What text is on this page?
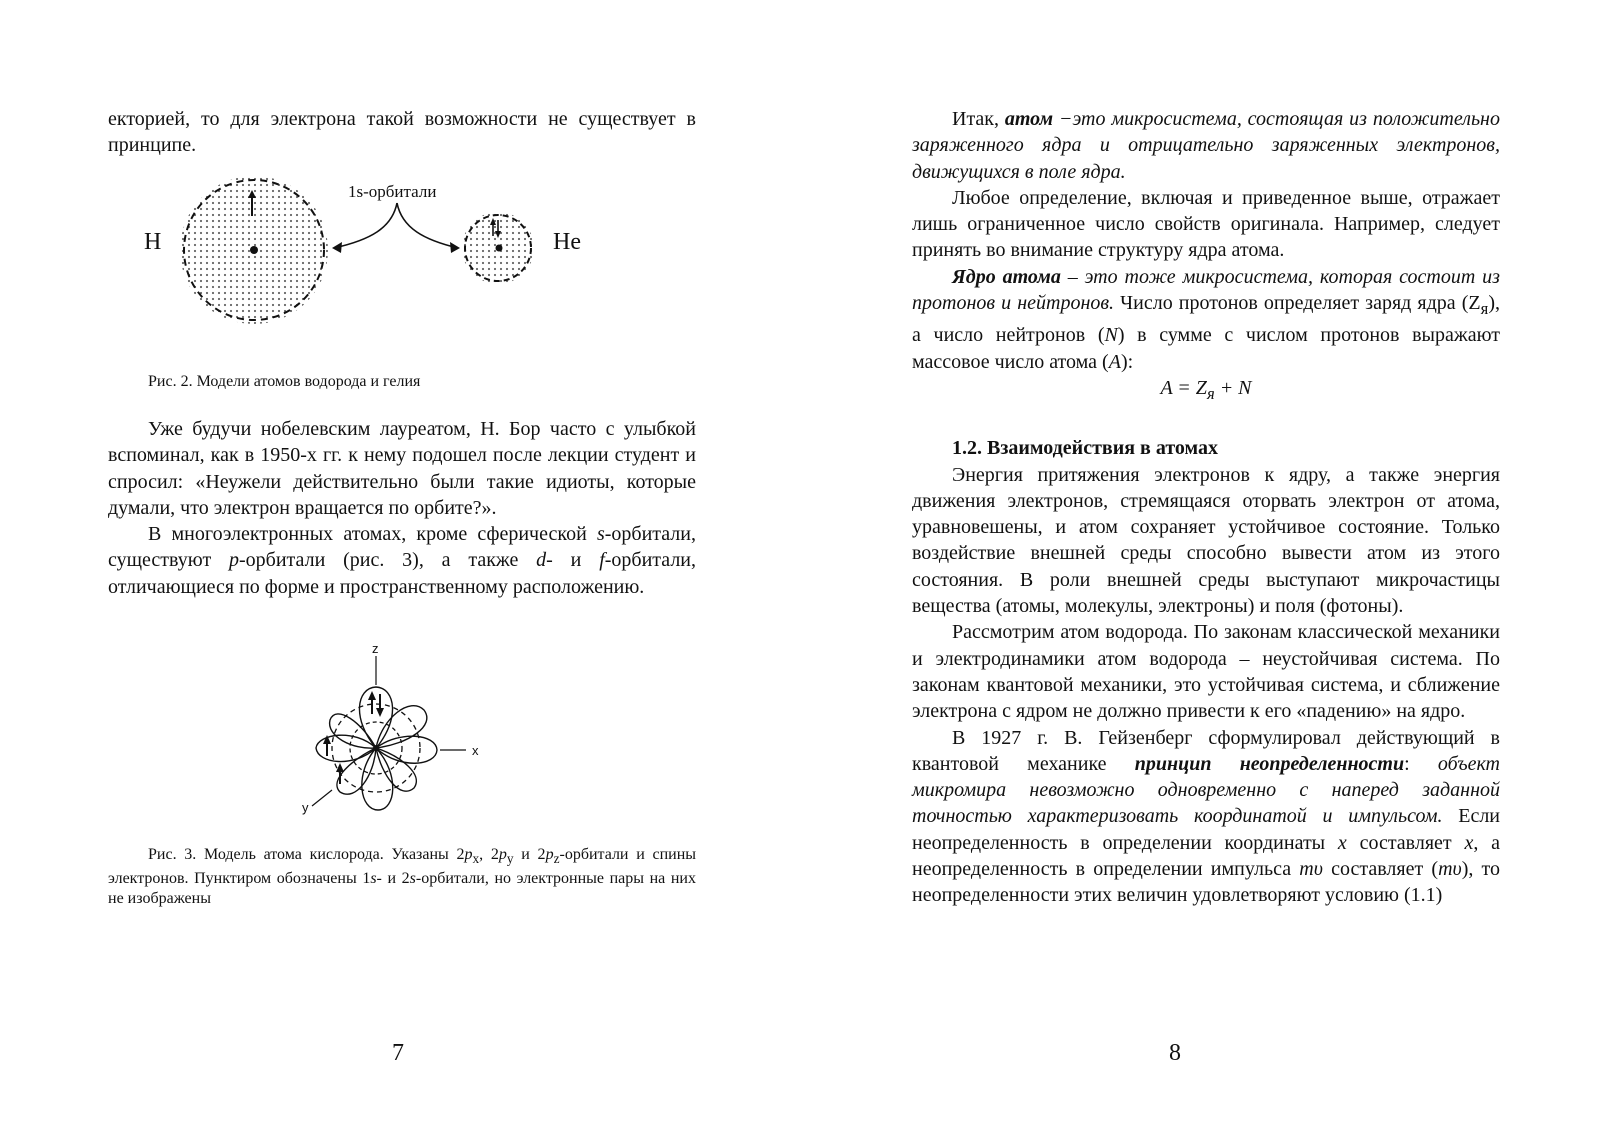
екторией, то для электрона такой возможности не существует в принципе.

H
1s-орбитали
He
Рис. 2. Модели атомов водорода и гелия

Уже будучи нобелевским лауреатом, Н. Бор часто с улыбкой вспоминал, как в 1950-х гг. к нему подошел после лекции студент и спросил: «Неужели действительно были такие идиоты, которые думали, что электрон вращается по орбите?».

В многоэлектронных атомах, кроме сферической s-орбитали, существуют p-орбитали (рис. 3), а также d- и f-орбитали, отличающиеся по форме и пространственному расположению.

z
x
y

Рис. 3. Модель атома кислорода. Указаны $2p_x$, $2p_y$ и $2p_z$-орбитали и спины электронов. Пунктиром обозначены 1s- и 2s-орбитали, но электронные пары на них не изображены

7

Итак, атом −это микросистема, состоящая из положительно заряженного ядра и отрицательно заряженных электронов, движущихся в поле ядра.

Любое определение, включая и приведенное выше, отражает лишь ограниченное число свойств оригинала. Например, следует принять во внимание структуру ядра атома.

Ядро атома – это тоже микросистема, которая состоит из протонов и нейтронов. Число протонов определяет заряд ядра $(Z_я)$, а число нейтронов (N) в сумме с числом протонов выражают массовое число атома (A):

$A = Z_я + N$

1.2. Взаимодействия в атомах

Энергия притяжения электронов к ядру, а также энергия движения электронов, стремящаяся оторвать электрон от атома, уравновешены, и атом сохраняет устойчивое состояние. Только воздействие внешней среды способно вывести атом из этого состояния. В роли внешней среды выступают микрочастицы вещества (атомы, молекулы, электроны) и поля (фотоны).

Рассмотрим атом водорода. По законам классической механики и электродинамики атом водорода – неустойчивая система. По законам квантовой механики, это устойчивая система, и сближение электрона с ядром не должно привести к его «падению» на ядро.

В 1927 г. В. Гейзенберг сформулировал действующий в квантовой механике принцип неопределенности: объект микромира невозможно одновременно с наперед заданной точностью характеризовать координатой и импульсом. Если неопределенность в определении координаты x составляет x, а неопределенность в определении импульса mυ составляет (mυ), то неопределенности этих величин удовлетворяют условию (1.1)

8
